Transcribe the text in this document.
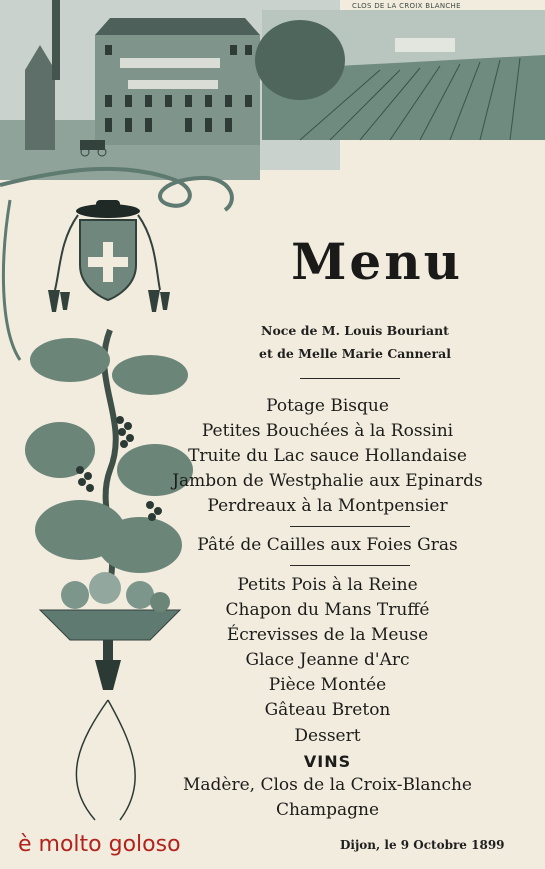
CLOS DE LA CROIX BLANCHE
Menu
Noce de M. Louis Bouriant
et de Melle Marie Canneral
Potage Bisque
Petites Bouchées à la Rossini
Truite du Lac sauce Hollandaise
Jambon de Westphalie aux Epinards
Perdreaux à la Montpensier
Pâté de Cailles aux Foies Gras
Petits Pois à la Reine
Chapon du Mans Truffé
Écrevisses de la Meuse
Glace Jeanne d'Arc
Pièce Montée
Gâteau Breton
Dessert
VINS
Madère, Clos de la Croix-Blanche
Champagne
Dijon, le 9 Octobre 1899
è molto goloso
